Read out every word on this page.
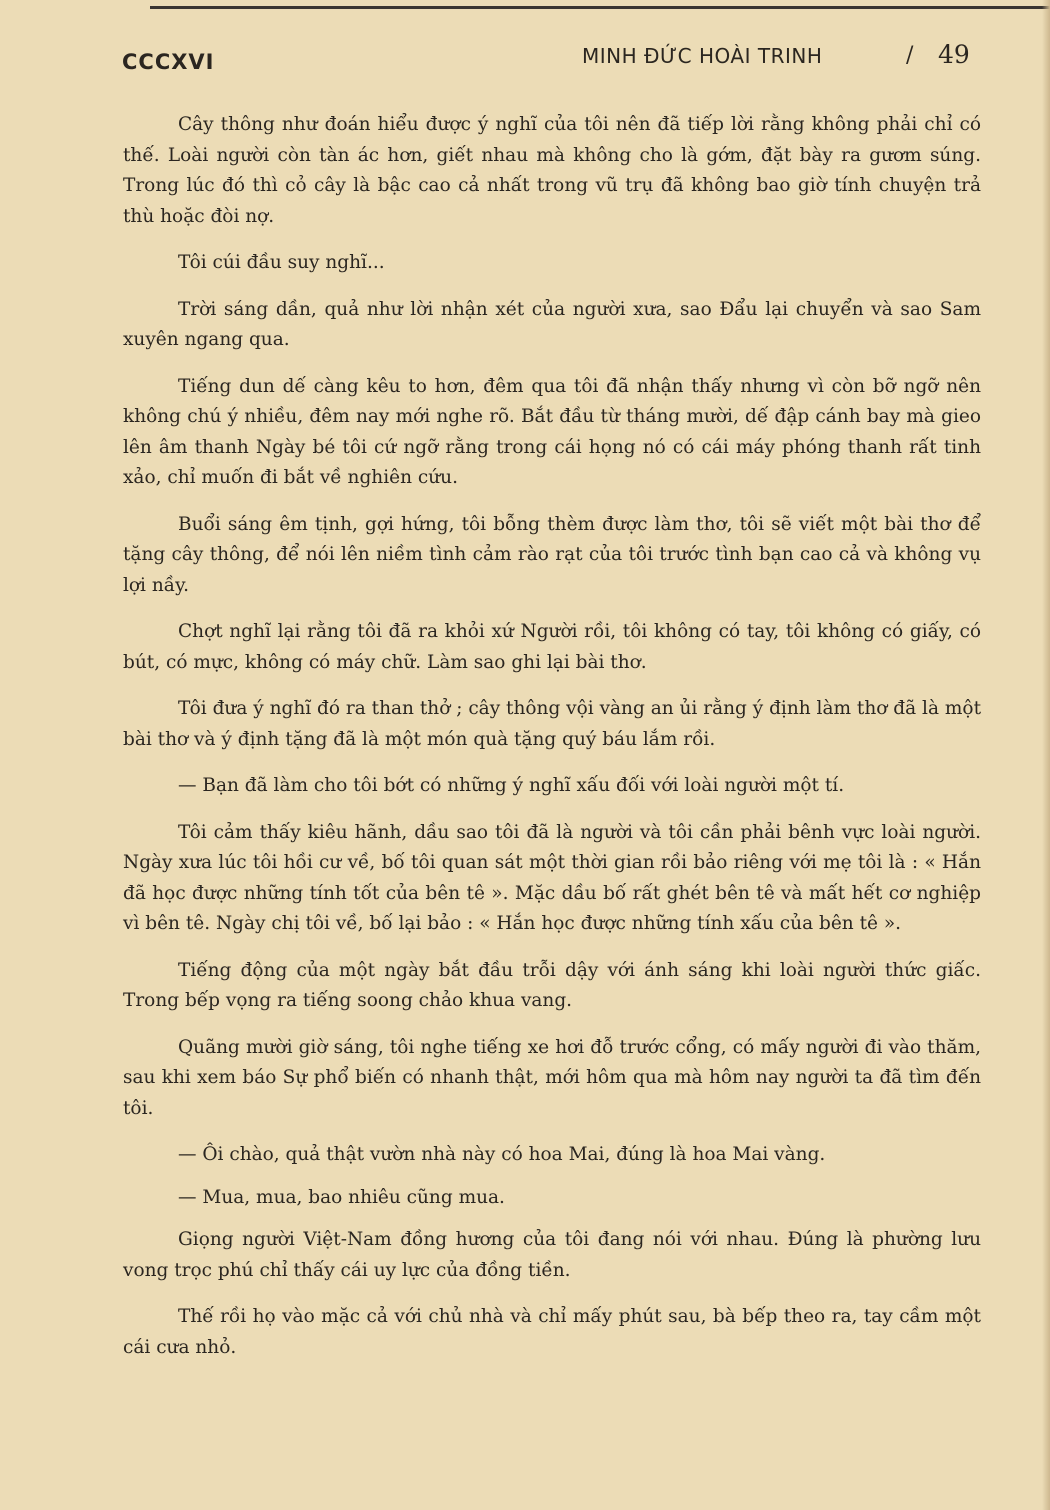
CCCXVI	MINH ĐỨC HOÀI TRINH	/ 49

Cây thông như đoán hiểu được ý nghĩ của tôi nên đã tiếp lời rằng không phải chỉ có thế. Loài người còn tàn ác hơn, giết nhau mà không cho là gớm, đặt bày ra gươm súng. Trong lúc đó thì cỏ cây là bậc cao cả nhất trong vũ trụ đã không bao giờ tính chuyện trả thù hoặc đòi nợ.

Tôi cúi đầu suy nghĩ...

Trời sáng dần, quả như lời nhận xét của người xưa, sao Đẩu lại chuyển và sao Sam xuyên ngang qua.

Tiếng dun dế càng kêu to hơn, đêm qua tôi đã nhận thấy nhưng vì còn bỡ ngỡ nên không chú ý nhiều, đêm nay mới nghe rõ. Bắt đầu từ tháng mười, dế đập cánh bay mà gieo lên âm thanh Ngày bé tôi cứ ngỡ rằng trong cái họng nó có cái máy phóng thanh rất tinh xảo, chỉ muốn đi bắt về nghiên cứu.

Buổi sáng êm tịnh, gợi hứng, tôi bỗng thèm được làm thơ, tôi sẽ viết một bài thơ để tặng cây thông, để nói lên niềm tình cảm rào rạt của tôi trước tình bạn cao cả và không vụ lợi nầy.

Chợt nghĩ lại rằng tôi đã ra khỏi xứ Người rồi, tôi không có tay, tôi không có giấy, có bút, có mực, không có máy chữ. Làm sao ghi lại bài thơ.

Tôi đưa ý nghĩ đó ra than thở ; cây thông vội vàng an ủi rằng ý định làm thơ đã là một bài thơ và ý định tặng đã là một món quà tặng quý báu lắm rồi.

— Bạn đã làm cho tôi bớt có những ý nghĩ xấu đối với loài người một tí.

Tôi cảm thấy kiêu hãnh, dầu sao tôi đã là người và tôi cần phải bênh vực loài người. Ngày xưa lúc tôi hồi cư về, bố tôi quan sát một thời gian rồi bảo riêng với mẹ tôi là : « Hắn đã học được những tính tốt của bên tê ». Mặc dầu bố rất ghét bên tê và mất hết cơ nghiệp vì bên tê. Ngày chị tôi về, bố lại bảo : « Hắn học được những tính xấu của bên tê ».

Tiếng động của một ngày bắt đầu trỗi dậy với ánh sáng khi loài người thức giấc. Trong bếp vọng ra tiếng soong chảo khua vang.

Quãng mười giờ sáng, tôi nghe tiếng xe hơi đỗ trước cổng, có mấy người đi vào thăm, sau khi xem báo Sự phổ biến có nhanh thật, mới hôm qua mà hôm nay người ta đã tìm đến tôi.

— Ôi chào, quả thật vườn nhà này có hoa Mai, đúng là hoa Mai vàng.

— Mua, mua, bao nhiêu cũng mua.

Giọng người Việt-Nam đồng hương của tôi đang nói với nhau. Đúng là phường lưu vong trọc phú chỉ thấy cái uy lực của đồng tiền.

Thế rồi họ vào mặc cả với chủ nhà và chỉ mấy phút sau, bà bếp theo ra, tay cầm một cái cưa nhỏ.
